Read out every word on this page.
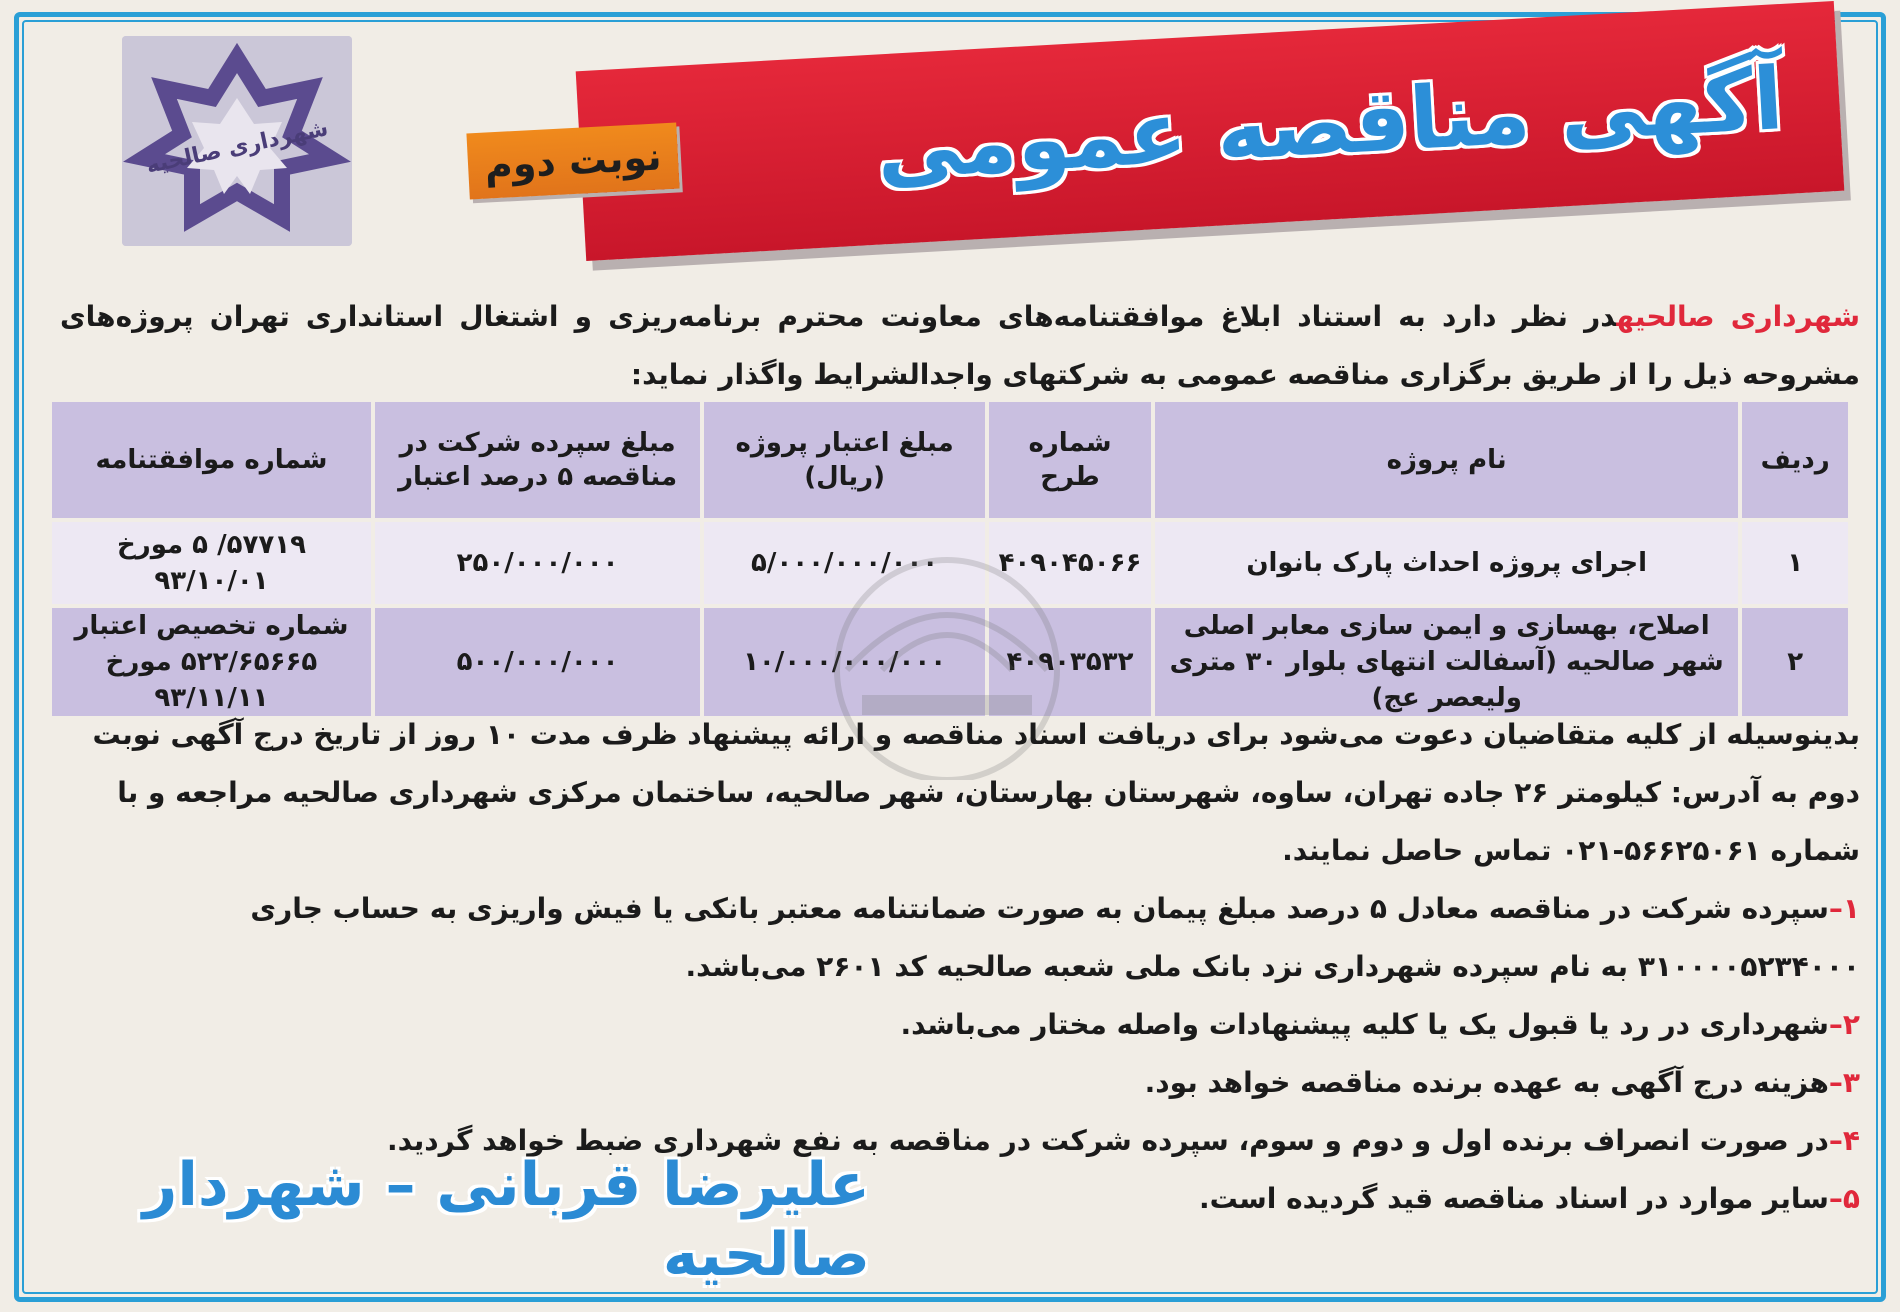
شهرداری صالحیه	آگهی مناقصه عمومی
نوبت دوم
شهرداری صالحیهدر نظر دارد به استناد ابلاغ موافقتنامه‌های معاونت محترم برنامه‌ریزی و اشتغال استانداری تهران پروژه‌های مشروحه ذیل را از طریق برگزاری مناقصه عمومی به شرکتهای واجدالشرایط واگذار نماید:
ردیف	نام پروژه	شماره طرح	مبلغ اعتبار پروژه (ریال)	مبلغ سپرده شرکت در مناقصه ۵ درصد اعتبار	شماره موافقتنامه
۱	اجرای پروژه احداث پارک بانوان	۴۰۹۰۴۵۰۶۶	۵/۰۰۰/۰۰۰/۰۰۰	۲۵۰/۰۰۰/۰۰۰	۵۷۷۱۹/ ۵ مورخ ۹۳/۱۰/۰۱
۲	اصلاح، بهسازی و ایمن سازی معابر اصلی شهر صالحیه (آسفالت انتهای بلوار ۳۰ متری ولیعصر عج)	۴۰۹۰۳۵۳۲	۱۰/۰۰۰/۰۰۰/۰۰۰	۵۰۰/۰۰۰/۰۰۰	شماره تخصیص اعتبار ۵۲۲/۶۵۶۶۵ مورخ ۹۳/۱۱/۱۱

بدینوسیله از کلیه متقاضیان دعوت می‌شود برای دریافت اسناد مناقصه و ارائه پیشنهاد ظرف مدت ۱۰ روز از تاریخ درج آگهی نوبت دوم به آدرس: کیلومتر ۲۶ جاده تهران، ساوه، شهرستان بهارستان، شهر صالحیه، ساختمان مرکزی شهرداری صالحیه مراجعه و با شماره ۵۶۶۲۵۰۶۱-۰۲۱ تماس حاصل نمایند.

۱–سپرده شرکت در مناقصه معادل ۵ درصد مبلغ پیمان به صورت ضمانتنامه معتبر بانکی یا فیش واریزی به حساب جاری ۳۱۰۰۰۰۵۲۳۴۰۰۰ به نام سپرده شهرداری نزد بانک ملی شعبه صالحیه کد ۲۶۰۱ می‌باشد.

۲–شهرداری در رد یا قبول یک یا کلیه پیشنهادات واصله مختار می‌باشد.

۳–هزینه درج آگهی به عهده برنده مناقصه خواهد بود.

۴–در صورت انصراف برنده اول و دوم و سوم، سپرده شرکت در مناقصه به نفع شهرداری ضبط خواهد گردید.

۵–سایر موارد در اسناد مناقصه قید گردیده است.

علیرضا قربانی – شهردار صالحیه
